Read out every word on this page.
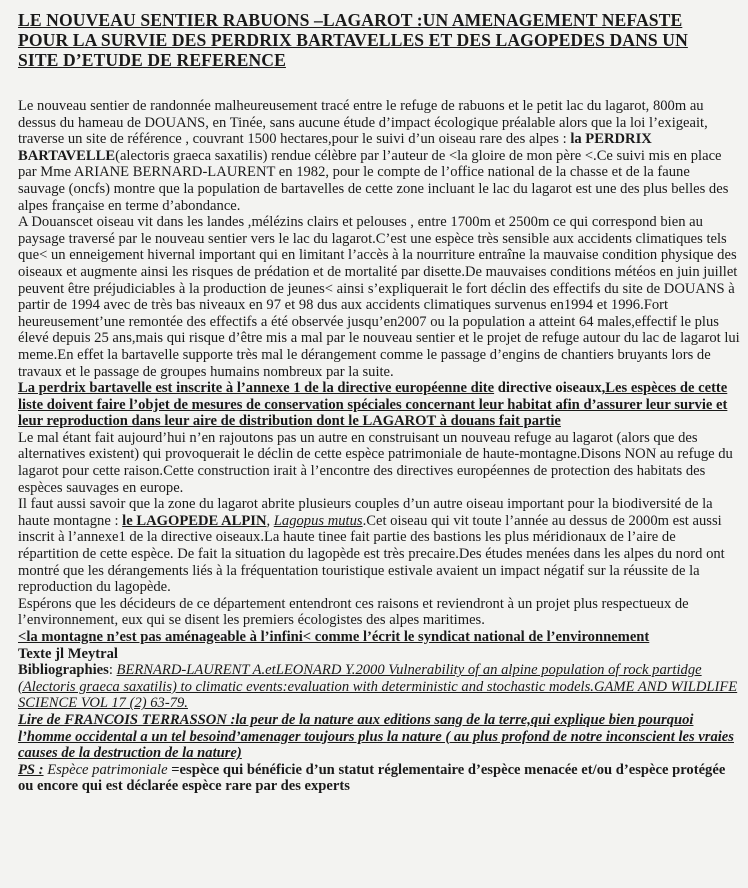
LE NOUVEAU SENTIER RABUONS –LAGAROT :UN AMENAGEMENT NEFASTE
POUR LA SURVIE DES PERDRIX BARTAVELLES ET DES LAGOPEDES DANS UN
SITE D’ETUDE DE REFERENCE

Le nouveau sentier de randonnée malheureusement tracé entre le refuge de rabuons et le petit lac du lagarot, 800m au dessus du hameau de DOUANS, en Tinée, sans aucune étude d’impact écologique préalable alors que la loi l’exigeait, traverse un site de référence , couvrant 1500 hectares,pour le suivi d’un oiseau rare des alpes : la PERDRIX BARTAVELLE(alectoris graeca saxatilis) rendue célèbre par l’auteur de <la gloire de mon père <.Ce suivi mis en place par Mme ARIANE BERNARD-LAURENT en 1982, pour le compte de l’office national de la chasse et de la faune sauvage (oncfs) montre que la population de bartavelles de cette zone incluant le lac du lagarot est une des plus belles des alpes française en terme d’abondance.

A Douanscet oiseau vit dans les landes ,mélézins clairs et pelouses , entre 1700m et 2500m ce qui correspond bien au paysage traversé par le nouveau sentier vers le lac du lagarot.C’est une espèce très sensible aux accidents climatiques tels que< un enneigement hivernal important qui en limitant l’accès à la nourriture entraîne la mauvaise condition physique des oiseaux et augmente ainsi les risques de prédation et de mortalité par disette.De mauvaises conditions météos en juin juillet peuvent être préjudiciables à la production de jeunes< ainsi s’expliquerait le fort déclin des effectifs du site de DOUANS à partir de 1994 avec de très bas niveaux en 97 et 98 dus aux accidents climatiques survenus en1994 et 1996.Fort heureusement’une remontée des effectifs a été observée jusqu’en2007 ou la population a atteint 64 males,effectif le plus élevé depuis 25 ans,mais qui risque d’être mis a mal par le nouveau sentier et le projet de refuge autour du lac de lagarot lui meme.En effet la bartavelle supporte très mal le dérangement comme le passage d’engins de chantiers bruyants lors de travaux et le passage de groupes humains nombreux par la suite.

La perdrix bartavelle est inscrite à l’annexe 1 de la directive européenne dite directive oiseaux,Les espèces de cette liste doivent faire l’objet de mesures de conservation spéciales concernant leur habitat afin d’assurer leur survie et leur reproduction dans leur aire de distribution dont le LAGAROT à douans fait partie

Le mal étant fait aujourd’hui n’en rajoutons pas un autre en construisant un nouveau refuge au lagarot (alors que des alternatives existent) qui provoquerait le déclin de cette espèce patrimoniale de haute-montagne.Disons NON au refuge du lagarot pour cette raison.Cette construction irait à l’encontre des directives européennes de protection des habitats des espèces sauvages en europe.

Il faut aussi savoir que la zone du lagarot abrite plusieurs couples d’un autre oiseau important pour la biodiversité de la haute montagne : le LAGOPEDE ALPIN, Lagopus mutus.Cet oiseau qui vit toute l’année au dessus de 2000m est aussi inscrit à l’annexe1 de la directive oiseaux.La haute tinee fait partie des bastions les plus méridionaux de l’aire de répartition de cette espèce. De fait la situation du lagopède est très precaire.Des études menées dans les alpes du nord ont montré que les dérangements liés à la fréquentation touristique estivale avaient un impact négatif sur la réussite de la reproduction du lagopède.

Espérons que les décideurs de ce département entendront ces raisons et reviendront à un projet plus respectueux de l’environnement, eux qui se disent les premiers écologistes des alpes maritimes.

<la montagne n’est pas aménageable à l’infini< comme l’écrit le syndicat national de l’environnement

Texte jl Meytral

Bibliographies: BERNARD-LAURENT A.etLEONARD Y.2000 Vulnerability of an alpine population of rock partidge (Alectoris graeca saxatilis) to climatic events:evaluation with deterministic and stochastic models.GAME AND WILDLIFE SCIENCE VOL 17 (2) 63-79.

Lire de FRANCOIS TERRASSON :la peur de la nature aux editions sang de la terre,qui explique bien pourquoi l’homme occidental a un tel besoind’amenager toujours plus la nature ( au plus profond de notre inconscient les vraies causes de la destruction de la nature)

PS : Espèce patrimoniale =espèce qui bénéficie d’un statut réglementaire d’espèce menacée et/ou d’espèce protégée ou encore qui est déclarée espèce rare par des experts
